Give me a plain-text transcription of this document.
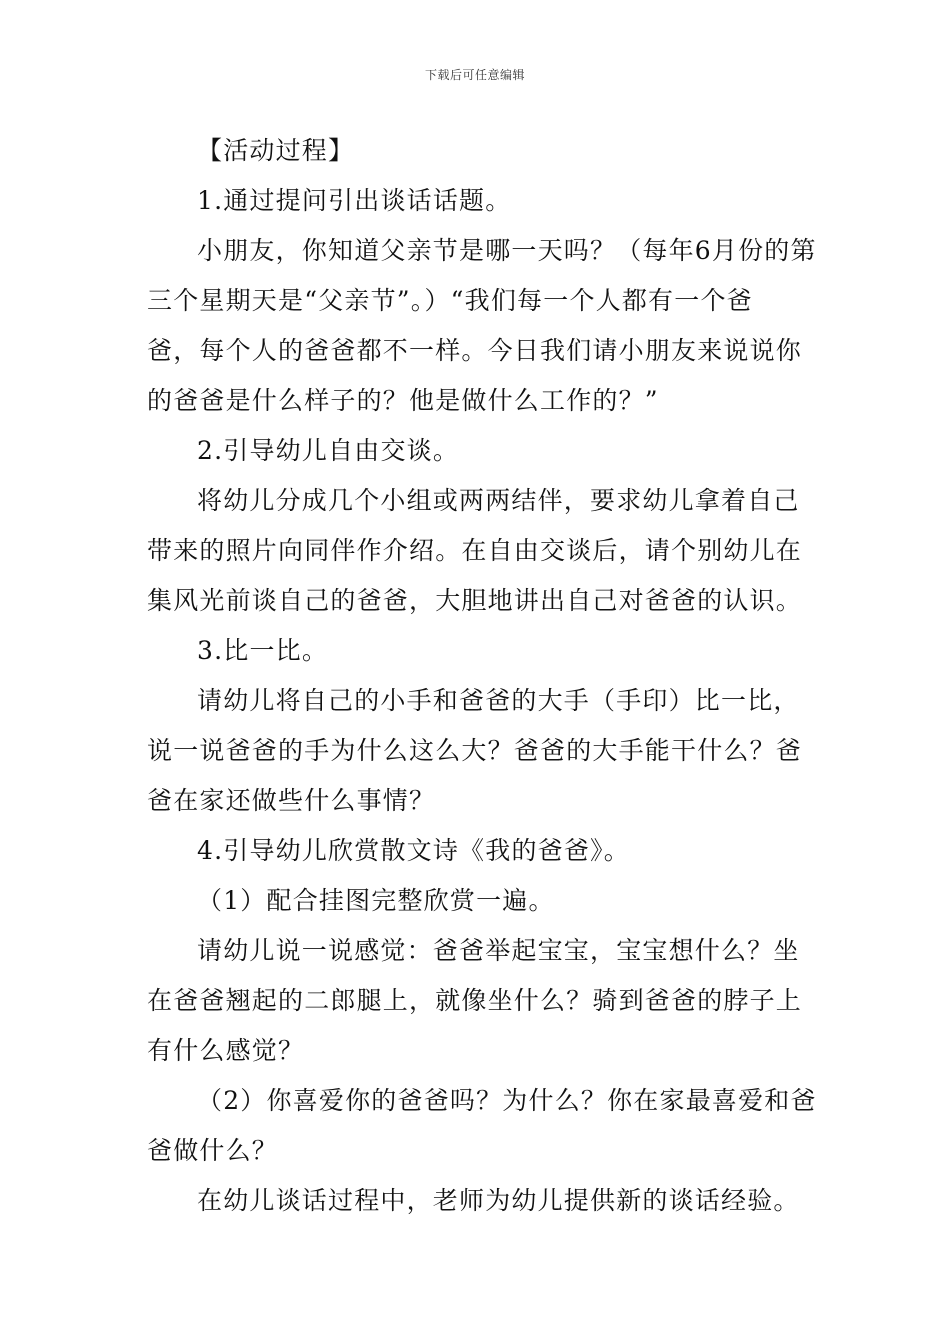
下载后可任意编辑
【活动过程】
1.通过提问引出谈话话题。
小朋友，你知道父亲节是哪一天吗？（每年6月份的第
三个星期天是“父亲节”。）“我们每一个人都有一个爸
爸，每个人的爸爸都不一样。今日我们请小朋友来说说你
的爸爸是什么样子的？他是做什么工作的？”
2.引导幼儿自由交谈。
将幼儿分成几个小组或两两结伴，要求幼儿拿着自己
带来的照片向同伴作介绍。在自由交谈后，请个别幼儿在
集风光前谈自己的爸爸，大胆地讲出自己对爸爸的认识。
3.比一比。
请幼儿将自己的小手和爸爸的大手（手印）比一比，
说一说爸爸的手为什么这么大？爸爸的大手能干什么？爸
爸在家还做些什么事情？
4.引导幼儿欣赏散文诗《我的爸爸》。
（1）配合挂图完整欣赏一遍。
请幼儿说一说感觉：爸爸举起宝宝，宝宝想什么？坐
在爸爸翘起的二郎腿上，就像坐什么？骑到爸爸的脖子上
有什么感觉？
（2）你喜爱你的爸爸吗？为什么？你在家最喜爱和爸
爸做什么？
在幼儿谈话过程中，老师为幼儿提供新的谈话经验。
